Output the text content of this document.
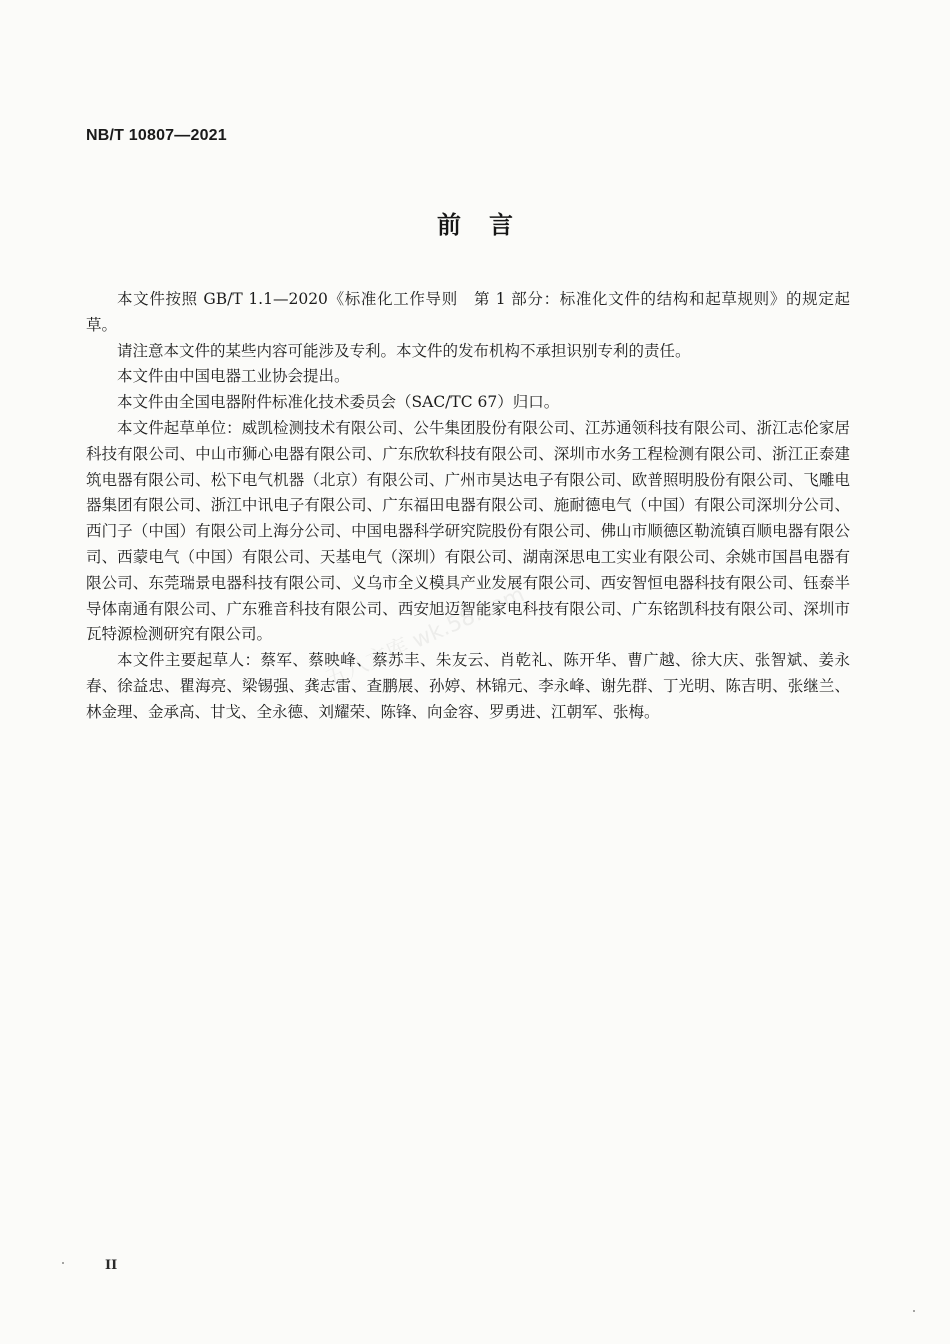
NB/T 10807—2021
前言

本文件按照 GB/T 1.1—2020《标准化工作导则　第 1 部分：标准化文件的结构和起草规则》的规定起草。

请注意本文件的某些内容可能涉及专利。本文件的发布机构不承担识别专利的责任。

本文件由中国电器工业协会提出。

本文件由全国电器附件标准化技术委员会（SAC/TC 67）归口。

本文件起草单位：威凯检测技术有限公司、公牛集团股份有限公司、江苏通领科技有限公司、浙江志伦家居科技有限公司、中山市狮心电器有限公司、广东欣软科技有限公司、深圳市水务工程检测有限公司、浙江正泰建筑电器有限公司、松下电气机器（北京）有限公司、广州市昊达电子有限公司、欧普照明股份有限公司、飞雕电器集团有限公司、浙江中讯电子有限公司、广东福田电器有限公司、施耐德电气（中国）有限公司深圳分公司、西门子（中国）有限公司上海分公司、中国电器科学研究院股份有限公司、佛山市顺德区勒流镇百顺电器有限公司、西蒙电气（中国）有限公司、天基电气（深圳）有限公司、湖南深思电工实业有限公司、余姚市国昌电器有限公司、东莞瑞景电器科技有限公司、义乌市全义模具产业发展有限公司、西安智恒电器科技有限公司、钰泰半导体南通有限公司、广东雅音科技有限公司、西安旭迈智能家电科技有限公司、广东铭凯科技有限公司、深圳市瓦特源检测研究有限公司。

本文件主要起草人：蔡军、蔡映峰、蔡苏丰、朱友云、肖乾礼、陈开华、曹广越、徐大庆、张智斌、姜永春、徐益忠、瞿海亮、梁锡强、龚志雷、查鹏展、孙婷、林锦元、李永峰、谢先群、丁光明、陈吉明、张继兰、林金理、金承高、甘戈、全永德、刘耀荣、陈锋、向金容、罗勇进、江朝军、张梅。

五八文库 wk.58.com
II
